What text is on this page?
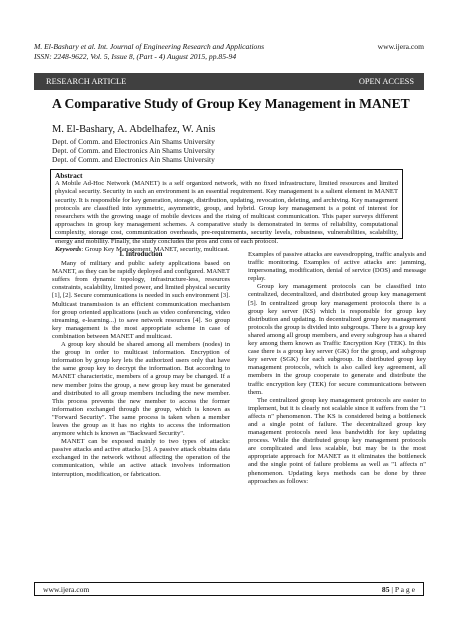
M. El-Bashary et al. Int. Journal of Engineering Research and Applications
ISSN: 2248-9622, Vol. 5, Issue 8, (Part - 4) August 2015, pp.85-94
www.ijera.com
RESEARCH ARTICLE	OPEN ACCESS
A Comparative Study of Group Key Management in MANET
M. El-Bashary, A. Abdelhafez, W. Anis
Dept. of Comm. and Electronics Ain Shams University
Dept. of Comm. and Electronics Ain Shams University
Dept. of Comm. and Electronics Ain Shams University
Abstract
A Mobile Ad-Hoc Network (MANET) is a self organized network, with no fixed infrastructure, limited resources and limited physical security. Security in such an environment is an essential requirement. Key management is a salient element in MANET security. It is responsible for key generation, storage, distribution, updating, revocation, deleting, and archiving. Key management protocols are classified into symmetric, asymmetric, group, and hybrid. Group key management is a point of interest for researchers with the growing usage of mobile devices and the rising of multicast communication. This paper surveys different approaches in group key management schemes. A comparative study is demonstrated in terms of reliability, computational complexity, storage cost, communication overheads, pre-requirements, security levels, robustness, vulnerabilities, scalability, energy and mobility. Finally, the study concludes the pros and cons of each protocol.
Keywords: Group Key Management, MANET, security, multicast.

I. Introduction

Many of military and public safety applications based on MANET, as they can be rapidly deployed and configured. MANET suffers from dynamic topology, infrastructure-less, resources constraints, scalability, limited power, and limited physical security [1], [2]. Secure communications is needed in such environment [3]. Multicast transmission is an efficient communication mechanism for group oriented applications (such as video conferencing, video streaming, e-learning...) to save network resources [4]. So group key management is the most appropriate scheme in case of combination between MANET and multicast.

A group key should be shared among all members (nodes) in the group in order to multicast information. Encryption of information by group key lets the authorized users only that have the same group key to decrypt the information. But according to MANET characteristic, members of a group may be changed. If a new member joins the group, a new group key must be generated and distributed to all group members including the new member. This process prevents the new member to access the former information exchanged through the group, which is known as "Forward Security". The same process is taken when a member leaves the group as it has no rights to access the information anymore which is known as "Backward Security".

MANET can be exposed mainly to two types of attacks: passive attacks and active attacks [3]. A passive attack obtains data exchanged in the network without affecting the operation of the communication, while an active attack involves information interruption, modification, or fabrication.

Examples of passive attacks are eavesdropping, traffic analysis and traffic monitoring. Examples of active attacks are: jamming, impersonating, modification, denial of service (DOS) and message replay.

Group key management protocols can be classified into centralized, decentralized, and distributed group key management [5]. In centralized group key management protocols there is a group key server (KS) which is responsible for group key distribution and updating. In decentralized group key management protocols the group is divided into subgroups. There is a group key shared among all group members, and every subgroup has a shared key among them known as Traffic Encryption Key (TEK). In this case there is a group key server (GK) for the group, and subgroup key server (SGK) for each subgroup. In distributed group key management protocols, which is also called key agreement, all members in the group cooperate to generate and distribute the traffic encryption key (TEK) for secure communications between them.

The centralized group key management protocols are easier to implement, but it is clearly not scalable since it suffers from the "1 affects n" phenomenon. The KS is considered being a bottleneck and a single point of failure. The decentralized group key management protocols need less bandwidth for key updating process. While the distributed group key management protocols are complicated and less scalable, but may be is the most appropriate approach for MANET as it eliminates the bottleneck and the single point of failure problems as well as "1 affects n" phenomenon. Updating keys methods can be done by three approaches as follows:

www.ijera.com	85 | P a g e
